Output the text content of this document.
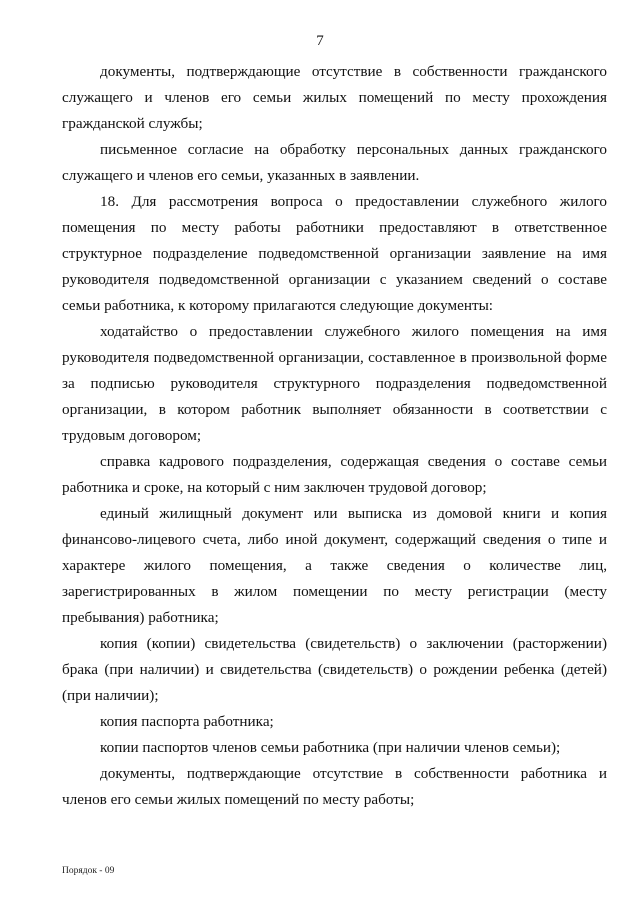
7

документы, подтверждающие отсутствие в собственности гражданского служащего и членов его семьи жилых помещений по месту прохождения гражданской службы;

письменное согласие на обработку персональных данных гражданского служащего и членов его семьи, указанных в заявлении.

18. Для рассмотрения вопроса о предоставлении служебного жилого помещения по месту работы работники предоставляют в ответственное структурное подразделение подведомственной организации заявление на имя руководителя подведомственной организации с указанием сведений о составе семьи работника, к которому прилагаются следующие документы:

ходатайство о предоставлении служебного жилого помещения на имя руководителя подведомственной организации, составленное в произвольной форме за подписью руководителя структурного подразделения подведомственной организации, в котором работник выполняет обязанности в соответствии с трудовым договором;

справка кадрового подразделения, содержащая сведения о составе семьи работника и сроке, на который с ним заключен трудовой договор;

единый жилищный документ или выписка из домовой книги и копия финансово-лицевого счета, либо иной документ, содержащий сведения о типе и характере жилого помещения, а также сведения о количестве лиц, зарегистрированных в жилом помещении по месту регистрации (месту пребывания) работника;

копия (копии) свидетельства (свидетельств) о заключении (расторжении) брака (при наличии) и свидетельства (свидетельств) о рождении ребенка (детей) (при наличии);

копия паспорта работника;

копии паспортов членов семьи работника (при наличии членов семьи);

документы, подтверждающие отсутствие в собственности работника и членов его семьи жилых помещений по месту работы;

Порядок - 09
